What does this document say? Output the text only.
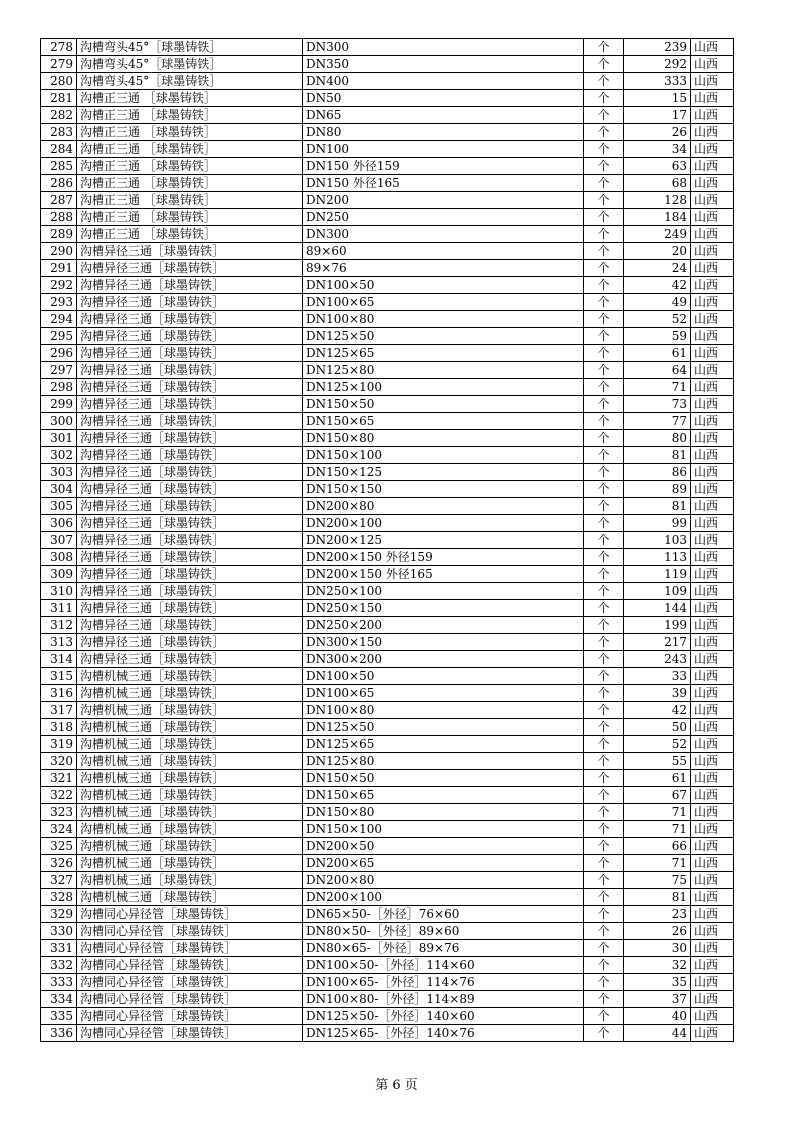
278	沟槽弯头45°［球墨铸铁］	DN300	个	239	山西
279	沟槽弯头45°［球墨铸铁］	DN350	个	292	山西
280	沟槽弯头45°［球墨铸铁］	DN400	个	333	山西
281	沟槽正三通 ［球墨铸铁］	DN50	个	15	山西
282	沟槽正三通 ［球墨铸铁］	DN65	个	17	山西
283	沟槽正三通 ［球墨铸铁］	DN80	个	26	山西
284	沟槽正三通 ［球墨铸铁］	DN100	个	34	山西
285	沟槽正三通 ［球墨铸铁］	DN150 外径159	个	63	山西
286	沟槽正三通 ［球墨铸铁］	DN150 外径165	个	68	山西
287	沟槽正三通 ［球墨铸铁］	DN200	个	128	山西
288	沟槽正三通 ［球墨铸铁］	DN250	个	184	山西
289	沟槽正三通 ［球墨铸铁］	DN300	个	249	山西
290	沟槽异径三通［球墨铸铁］	89×60	个	20	山西
291	沟槽异径三通［球墨铸铁］	89×76	个	24	山西
292	沟槽异径三通［球墨铸铁］	DN100×50	个	42	山西
293	沟槽异径三通［球墨铸铁］	DN100×65	个	49	山西
294	沟槽异径三通［球墨铸铁］	DN100×80	个	52	山西
295	沟槽异径三通［球墨铸铁］	DN125×50	个	59	山西
296	沟槽异径三通［球墨铸铁］	DN125×65	个	61	山西
297	沟槽异径三通［球墨铸铁］	DN125×80	个	64	山西
298	沟槽异径三通［球墨铸铁］	DN125×100	个	71	山西
299	沟槽异径三通［球墨铸铁］	DN150×50	个	73	山西
300	沟槽异径三通［球墨铸铁］	DN150×65	个	77	山西
301	沟槽异径三通［球墨铸铁］	DN150×80	个	80	山西
302	沟槽异径三通［球墨铸铁］	DN150×100	个	81	山西
303	沟槽异径三通［球墨铸铁］	DN150×125	个	86	山西
304	沟槽异径三通［球墨铸铁］	DN150×150	个	89	山西
305	沟槽异径三通［球墨铸铁］	DN200×80	个	81	山西
306	沟槽异径三通［球墨铸铁］	DN200×100	个	99	山西
307	沟槽异径三通［球墨铸铁］	DN200×125	个	103	山西
308	沟槽异径三通［球墨铸铁］	DN200×150 外径159	个	113	山西
309	沟槽异径三通［球墨铸铁］	DN200×150 外径165	个	119	山西
310	沟槽异径三通［球墨铸铁］	DN250×100	个	109	山西
311	沟槽异径三通［球墨铸铁］	DN250×150	个	144	山西
312	沟槽异径三通［球墨铸铁］	DN250×200	个	199	山西
313	沟槽异径三通［球墨铸铁］	DN300×150	个	217	山西
314	沟槽异径三通［球墨铸铁］	DN300×200	个	243	山西
315	沟槽机械三通［球墨铸铁］	DN100×50	个	33	山西
316	沟槽机械三通［球墨铸铁］	DN100×65	个	39	山西
317	沟槽机械三通［球墨铸铁］	DN100×80	个	42	山西
318	沟槽机械三通［球墨铸铁］	DN125×50	个	50	山西
319	沟槽机械三通［球墨铸铁］	DN125×65	个	52	山西
320	沟槽机械三通［球墨铸铁］	DN125×80	个	55	山西
321	沟槽机械三通［球墨铸铁］	DN150×50	个	61	山西
322	沟槽机械三通［球墨铸铁］	DN150×65	个	67	山西
323	沟槽机械三通［球墨铸铁］	DN150×80	个	71	山西
324	沟槽机械三通［球墨铸铁］	DN150×100	个	71	山西
325	沟槽机械三通［球墨铸铁］	DN200×50	个	66	山西
326	沟槽机械三通［球墨铸铁］	DN200×65	个	71	山西
327	沟槽机械三通［球墨铸铁］	DN200×80	个	75	山西
328	沟槽机械三通［球墨铸铁］	DN200×100	个	81	山西
329	沟槽同心异径管［球墨铸铁］	DN65×50-［外径］76×60	个	23	山西
330	沟槽同心异径管［球墨铸铁］	DN80×50-［外径］89×60	个	26	山西
331	沟槽同心异径管［球墨铸铁］	DN80×65-［外径］89×76	个	30	山西
332	沟槽同心异径管［球墨铸铁］	DN100×50-［外径］114×60	个	32	山西
333	沟槽同心异径管［球墨铸铁］	DN100×65-［外径］114×76	个	35	山西
334	沟槽同心异径管［球墨铸铁］	DN100×80-［外径］114×89	个	37	山西
335	沟槽同心异径管［球墨铸铁］	DN125×50-［外径］140×60	个	40	山西
336	沟槽同心异径管［球墨铸铁］	DN125×65-［外径］140×76	个	44	山西
第 6 页
